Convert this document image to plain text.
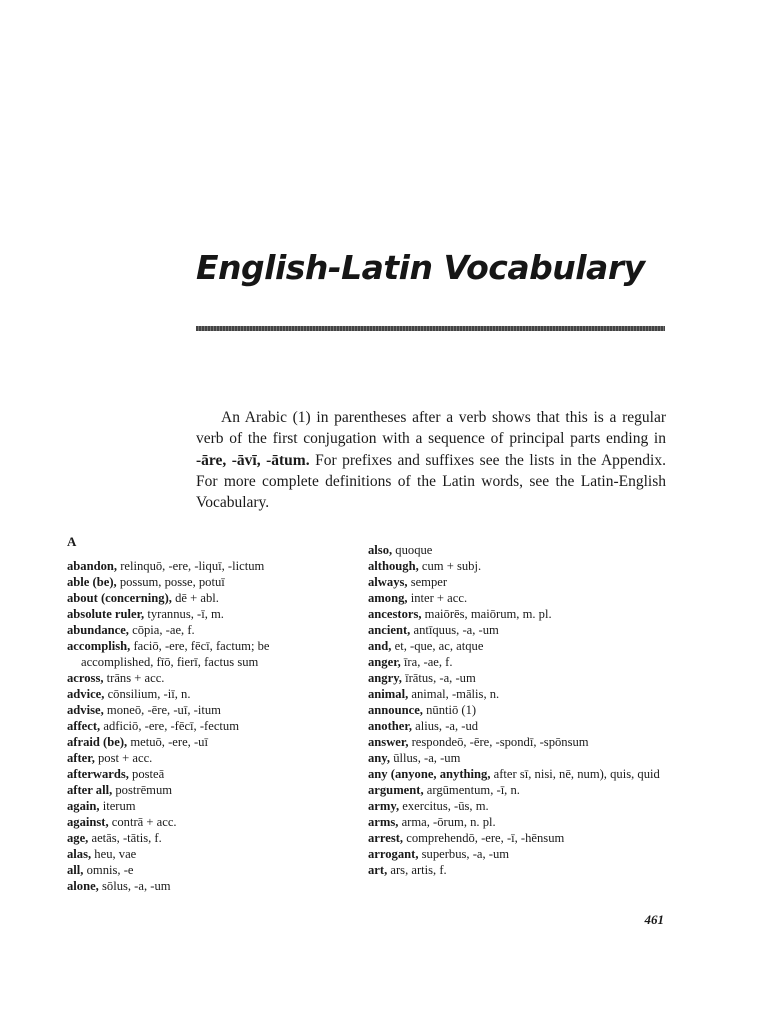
English-Latin Vocabulary

An Arabic (1) in parentheses after a verb shows that this is a regular verb of the first conjugation with a sequence of principal parts ending in -āre, -āvī, -ātum. For prefixes and suffixes see the lists in the Appendix. For more complete definitions of the Latin words, see the Latin-English Vocabulary.

A
abandon, relinquō, -ere, -liquī, -lictum
able (be), possum, posse, potuī
about (concerning), dē + abl.
absolute ruler, tyrannus, -ī, m.
abundance, cōpia, -ae, f.
accomplish, faciō, -ere, fēcī, factum; be accomplished, fīō, fierī, factus sum
across, trāns + acc.
advice, cōnsilium, -iī, n.
advise, moneō, -ēre, -uī, -itum
affect, adficiō, -ere, -fēcī, -fectum
afraid (be), metuō, -ere, -uī
after, post + acc.
afterwards, posteā
after all, postrēmum
again, iterum
against, contrā + acc.
age, aetās, -tātis, f.
alas, heu, vae
all, omnis, -e
alone, sōlus, -a, -um
also, quoque
although, cum + subj.
always, semper
among, inter + acc.
ancestors, maiōrēs, maiōrum, m. pl.
ancient, antīquus, -a, -um
and, et, -que, ac, atque
anger, īra, -ae, f.
angry, īrātus, -a, -um
animal, animal, -mālis, n.
announce, nūntiō (1)
another, alius, -a, -ud
answer, respondeō, -ēre, -spondī, -spōnsum
any, ūllus, -a, -um
any (anyone, anything, after sī, nisi, nē, num), quis, quid
argument, argūmentum, -ī, n.
army, exercitus, -ūs, m.
arms, arma, -ōrum, n. pl.
arrest, comprehendō, -ere, -ī, -hēnsum
arrogant, superbus, -a, -um
art, ars, artis, f.
461
